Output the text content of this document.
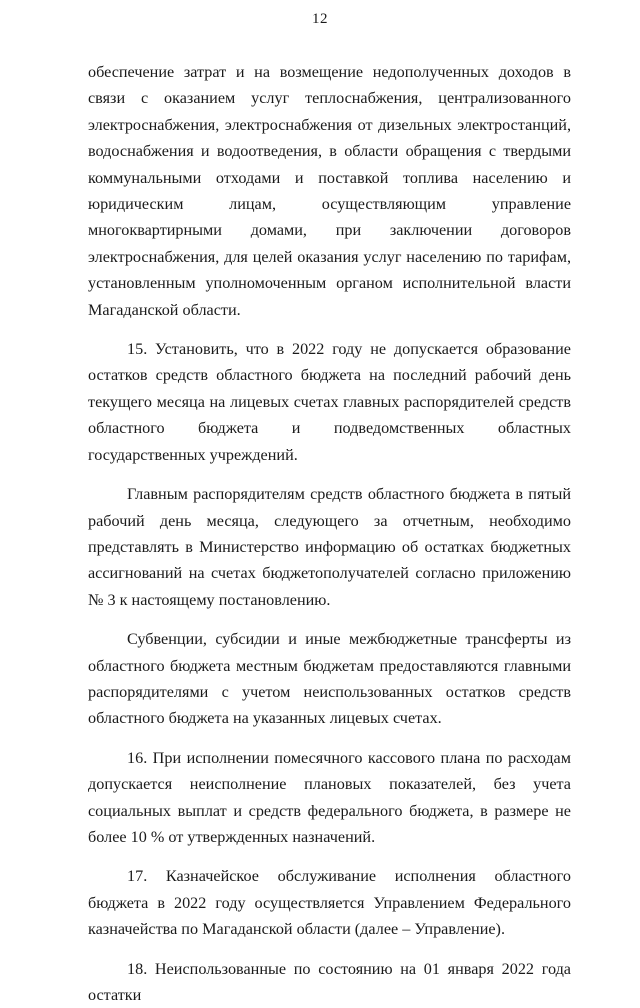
12

обеспечение затрат и на возмещение недополученных доходов в связи с оказанием услуг теплоснабжения, централизованного электроснабжения, электроснабжения от дизельных электростанций, водоснабжения и водоотведения, в области обращения с твердыми коммунальными отходами и поставкой топлива населению и юридическим лицам, осуществляющим управление многоквартирными домами, при заключении договоров электроснабжения, для целей оказания услуг населению по тарифам, установленным уполномоченным органом исполнительной власти Магаданской области.

15. Установить, что в 2022 году не допускается образование остатков средств областного бюджета на последний рабочий день текущего месяца на лицевых счетах главных распорядителей средств областного бюджета и подведомственных областных государственных учреждений.

Главным распорядителям средств областного бюджета в пятый рабочий день месяца, следующего за отчетным, необходимо представлять в Министерство информацию об остатках бюджетных ассигнований на счетах бюджетополучателей согласно приложению № 3 к настоящему постановлению.

Субвенции, субсидии и иные межбюджетные трансферты из областного бюджета местным бюджетам предоставляются главными распорядителями с учетом неиспользованных остатков средств областного бюджета на указанных лицевых счетах.

16. При исполнении помесячного кассового плана по расходам допускается неисполнение плановых показателей, без учета социальных выплат и средств федерального бюджета, в размере не более 10 % от утвержденных назначений.

17. Казначейское обслуживание исполнения областного бюджета в 2022 году осуществляется Управлением Федерального казначейства по Магаданской области (далее – Управление).

18. Неиспользованные по состоянию на 01 января 2022 года остатки
